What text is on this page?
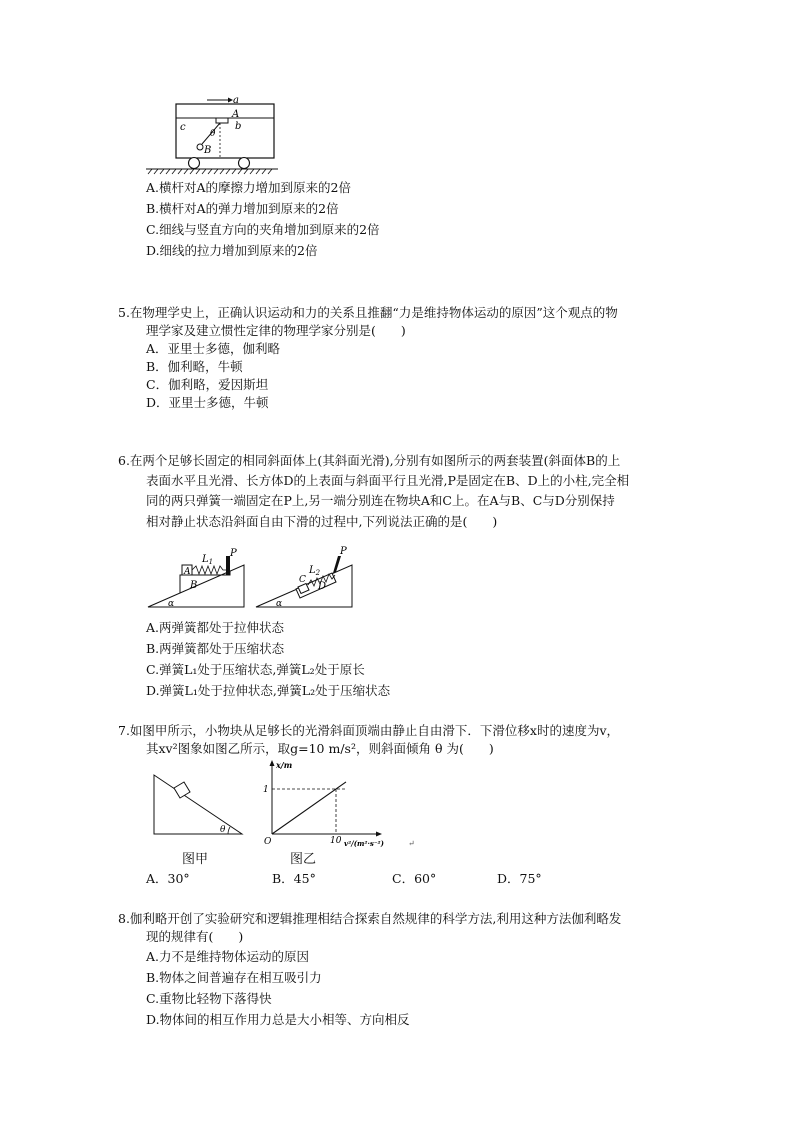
a
A
b
c
θ
B
A.横杆对A的摩擦力增加到原来的2倍
B.横杆对A的弹力增加到原来的2倍
C.细线与竖直方向的夹角增加到原来的2倍
D.细线的拉力增加到原来的2倍
5.在物理学史上，正确认识运动和力的关系且推翻“力是维持物体运动的原因”这个观点的物
理学家及建立惯性定律的物理学家分别是(　　)
A．亚里士多德，伽利略
B．伽利略，牛顿
C．伽利略，爱因斯坦
D．亚里士多德，牛顿
6.在两个足够长固定的相同斜面体上(其斜面光滑),分别有如图所示的两套装置(斜面体B的上
表面水平且光滑、长方体D的上表面与斜面平行且光滑,P是固定在B、D上的小柱,完全相
同的两只弹簧一端固定在P上,另一端分别连在物块A和C上。在A与B、C与D分别保持
相对静止状态沿斜面自由下滑的过程中,下列说法正确的是(　　)
α
B
A
$L_1$
P
α
D
C
$L_2$
P
A.两弹簧都处于拉伸状态
B.两弹簧都处于压缩状态
C.弹簧L₁处于压缩状态,弹簧L₂处于原长
D.弹簧L₁处于拉伸状态,弹簧L₂处于压缩状态
7.如图甲所示，小物块从足够长的光滑斜面顶端由静止自由滑下．下滑位移x时的速度为v，
其xv²图象如图乙所示，取g=10 m/s²，则斜面倾角 θ 为(　　)
θ
图甲
x/m
v²/(m²·s⁻²)
1
10
O	↵
图乙
A．30°	B．45°	C．60°	D．75°
8.伽利略开创了实验研究和逻辑推理相结合探索自然规律的科学方法,利用这种方法伽利略发
现的规律有(　　)
A.力不是维持物体运动的原因
B.物体之间普遍存在相互吸引力
C.重物比轻物下落得快
D.物体间的相互作用力总是大小相等、方向相反
